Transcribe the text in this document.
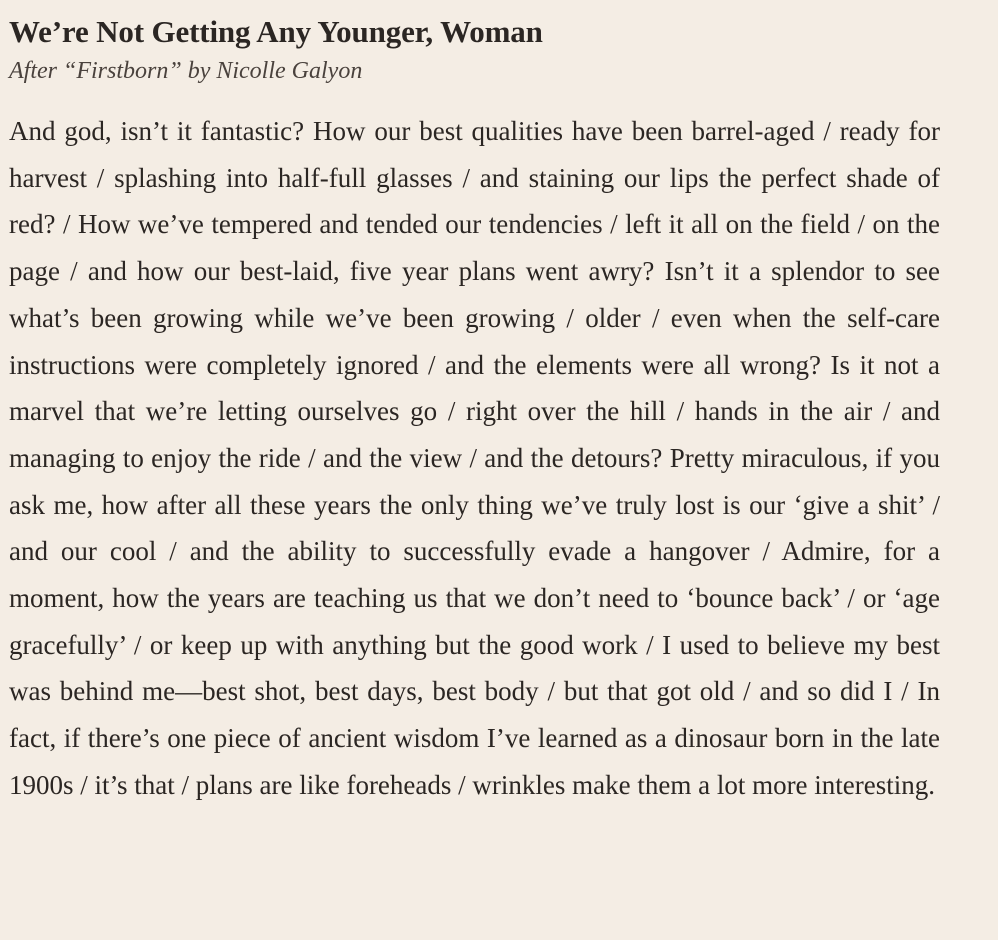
We’re Not Getting Any Younger, Woman

After “Firstborn” by Nicolle Galyon

And god, isn’t it fantastic? How our best qualities have been barrel-aged / ready for harvest / splashing into half-full glasses / and staining our lips the perfect shade of red? / How we’ve tempered and tended our tendencies / left it all on the field / on the page / and how our best-laid, five year plans went awry? Isn’t it a splendor to see what’s been growing while we’ve been growing / older / even when the self-care instructions were completely ignored / and the elements were all wrong? Is it not a marvel that we’re letting ourselves go / right over the hill / hands in the air / and managing to enjoy the ride / and the view / and the detours? Pretty miraculous, if you ask me, how after all these years the only thing we’ve truly lost is our ‘give a shit’ / and our cool / and the ability to successfully evade a hangover / Admire, for a moment, how the years are teaching us that we don’t need to ‘bounce back’ / or ‘age gracefully’ / or keep up with anything but the good work / I used to believe my best was behind me—best shot, best days, best body / but that got old / and so did I / In fact, if there’s one piece of ancient wisdom I’ve learned as a dinosaur born in the late 1900s / it’s that / plans are like foreheads / wrinkles make them a lot more interesting.
